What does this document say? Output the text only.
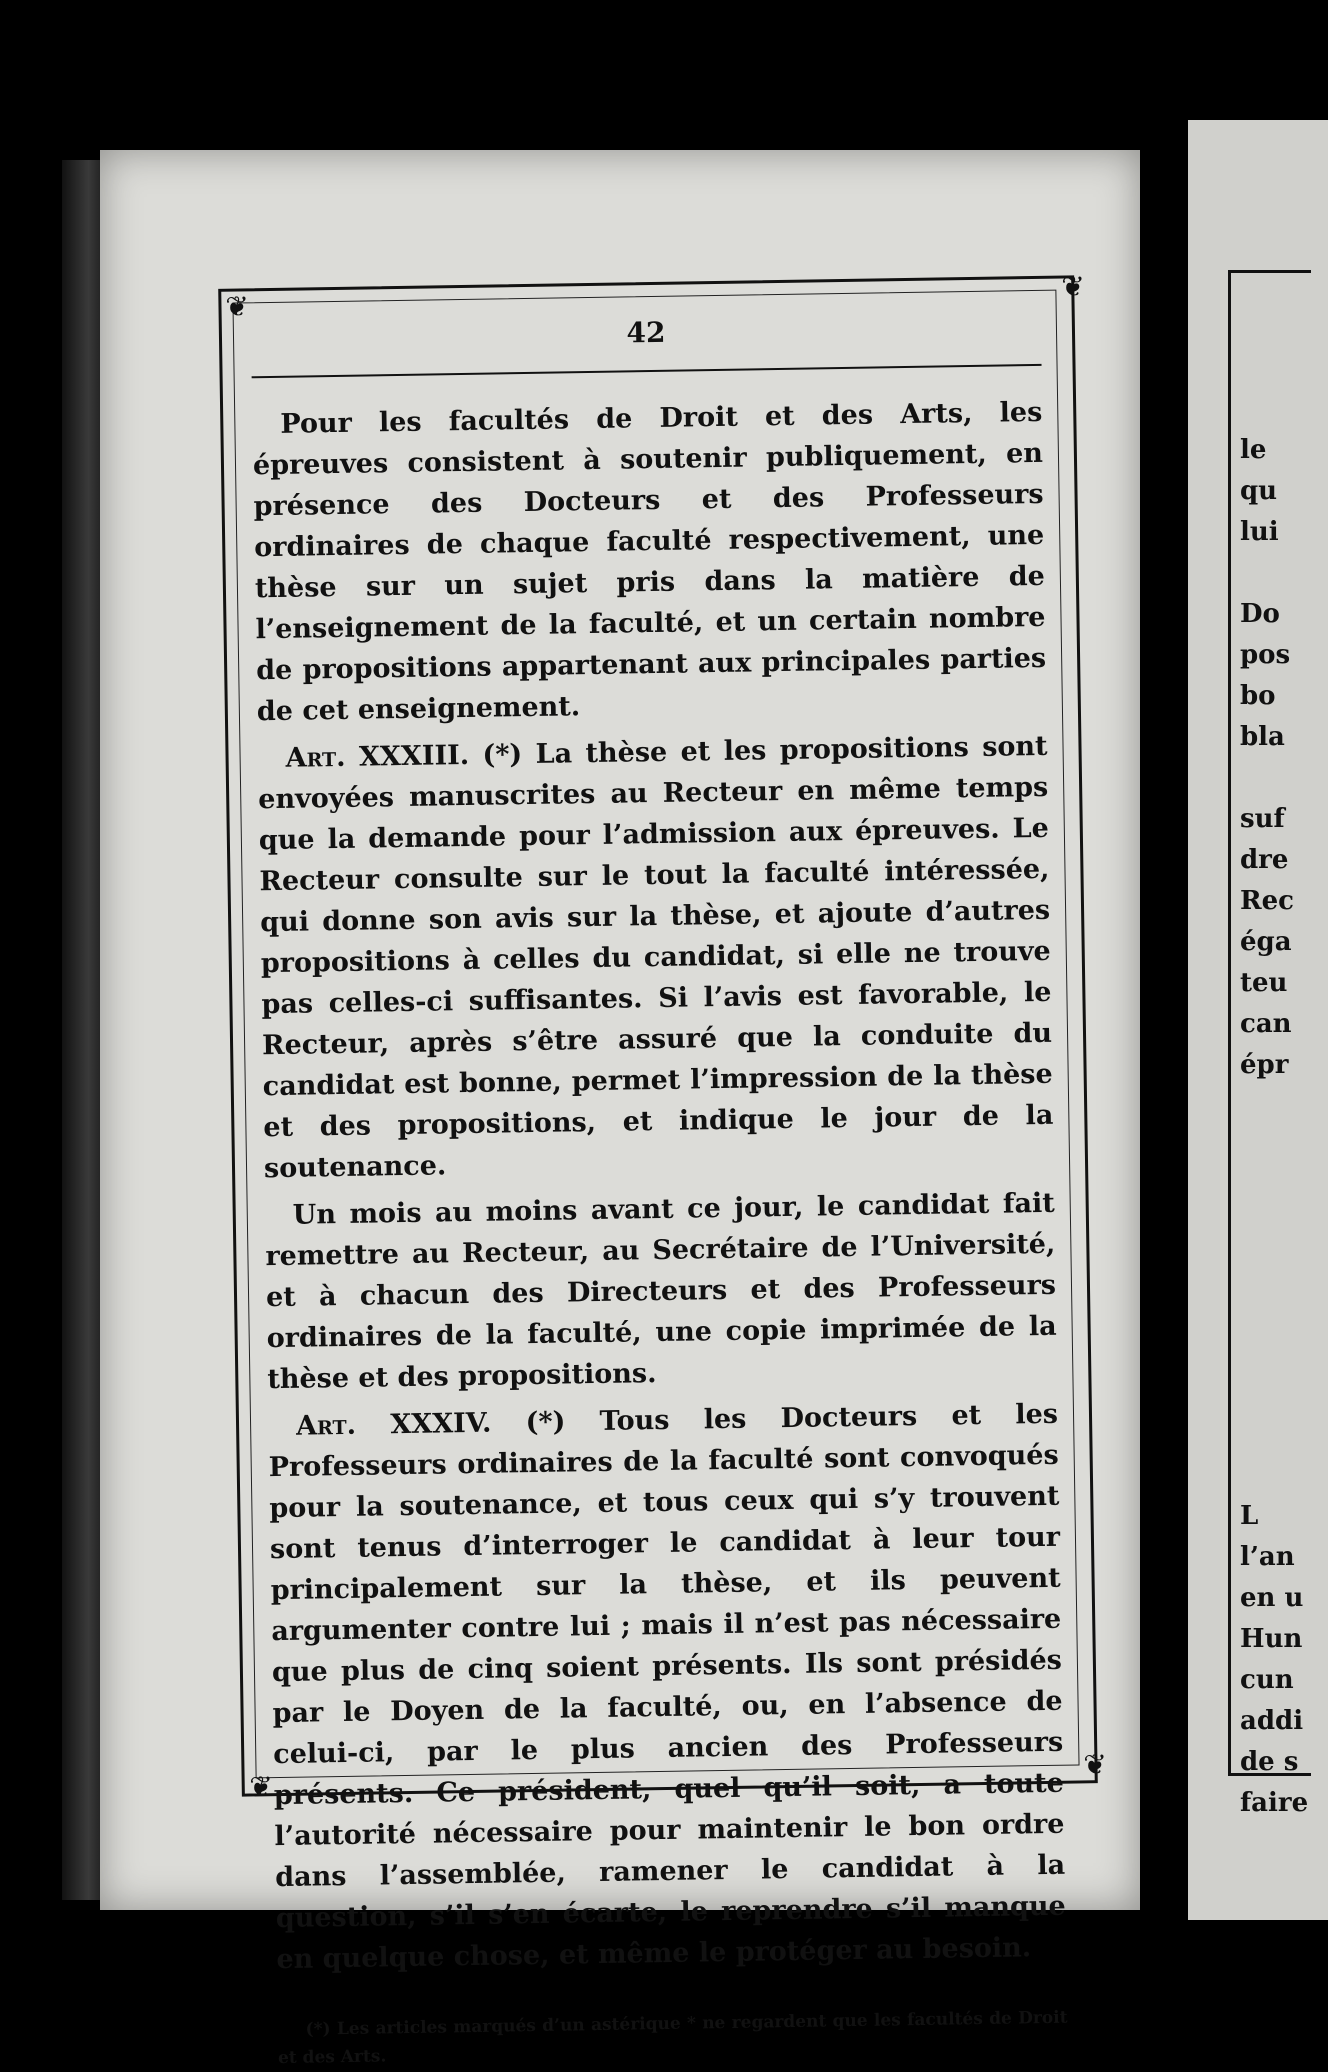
❦
❦
❦
❦
42

Pour les facultés de Droit et des Arts, les épreuves consistent à soutenir publiquement, en présence des Docteurs et des Professeurs ordinaires de chaque faculté respectivement, une thèse sur un sujet pris dans la matière de l’enseignement de la faculté, et un certain nombre de propositions appartenant aux principales parties de cet enseignement.

Art. XXXIII. (*) La thèse et les propositions sont envoyées manuscrites au Recteur en même temps que la demande pour l’admission aux épreuves. Le Recteur consulte sur le tout la faculté intéressée, qui donne son avis sur la thèse, et ajoute d’autres propositions à celles du candidat, si elle ne trouve pas celles-ci suffisantes. Si l’avis est favorable, le Recteur, après s’être assuré que la conduite du candidat est bonne, permet l’impression de la thèse et des propositions, et indique le jour de la soutenance.

Un mois au moins avant ce jour, le candidat fait remettre au Recteur, au Secrétaire de l’Université, et à chacun des Directeurs et des Professeurs ordinaires de la faculté, une copie imprimée de la thèse et des propositions.

Art. XXXIV. (*) Tous les Docteurs et les Professeurs ordinaires de la faculté sont convoqués pour la soutenance, et tous ceux qui s’y trouvent sont tenus d’interroger le candidat à leur tour principalement sur la thèse, et ils peuvent argumenter contre lui ; mais il n’est pas nécessaire que plus de cinq soient présents. Ils sont présidés par le Doyen de la faculté, ou, en l’absence de celui-ci, par le plus ancien des Professeurs présents. Ce président, quel qu’il soit, a toute l’autorité nécessaire pour maintenir le bon ordre dans l’assemblée, ramener le candidat à la question, s’il s’en écarte, le reprendre s’il manque en quelque chose, et même le protéger au besoin.

(*) Les articles marqués d’un astérique * ne regardent que les facultés de Droit et des Arts.
le
qu
lui

Do
pos
bo
bla

suf
dre
Rec
éga
teu
can
épr
L
l’an
en u
Hun
cun
addi
de s
faire
